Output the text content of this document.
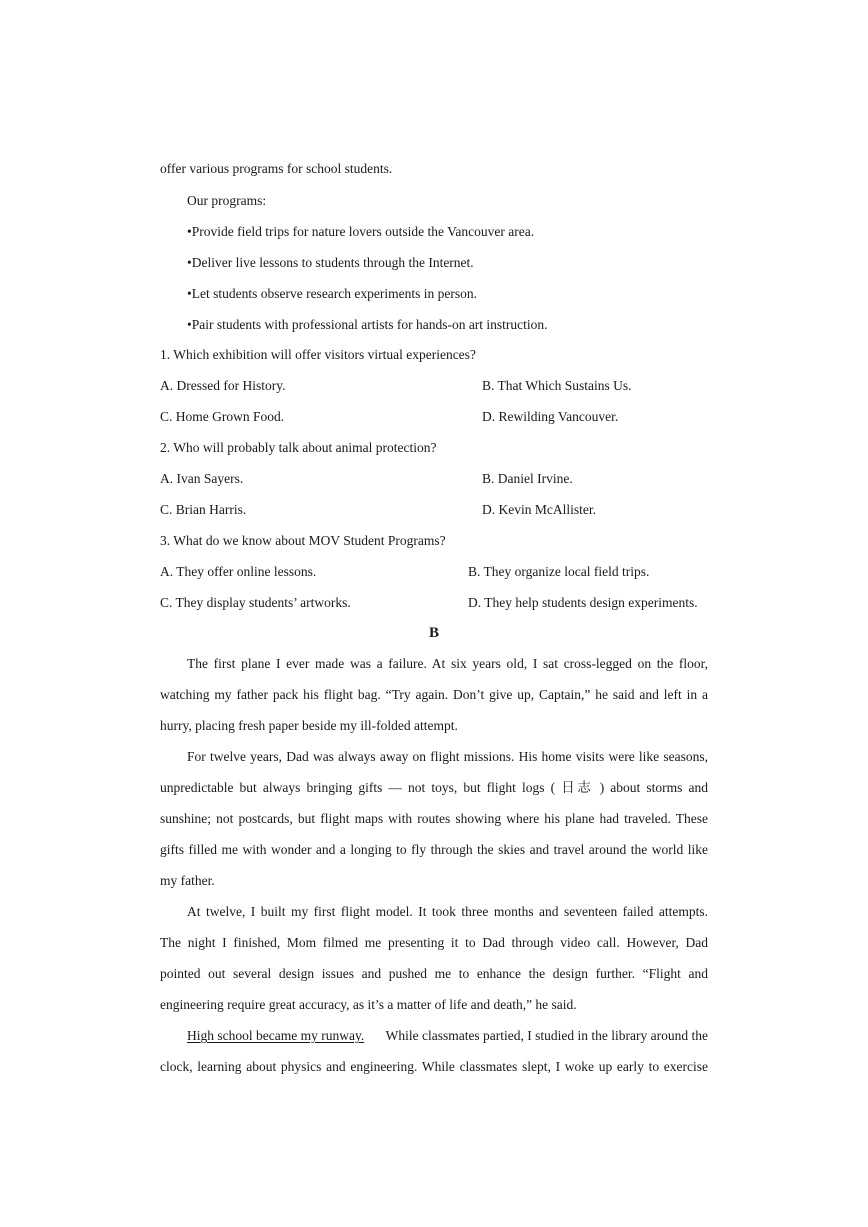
offer various programs for school students.
Our programs:
•Provide field trips for nature lovers outside the Vancouver area.
•Deliver live lessons to students through the Internet.
•Let students observe research experiments in person.
•Pair students with professional artists for hands-on art instruction.
1. Which exhibition will offer visitors virtual experiences?
A. Dressed for History.	B. That Which Sustains Us.
C. Home Grown Food.	D. Rewilding Vancouver.
2. Who will probably talk about animal protection?
A. Ivan Sayers.	B. Daniel Irvine.
C. Brian Harris.	D. Kevin McAllister.
3. What do we know about MOV Student Programs?
A. They offer online lessons.	B. They organize local field trips.
C. They display students’ artworks.	D. They help students design experiments.
B
The first plane I ever made was a failure. At six years old, I sat cross-legged on the floor,
watching my father pack his flight bag. “Try again. Don’t give up, Captain,” he said and left in a
hurry, placing fresh paper beside my ill-folded attempt.
For twelve years, Dad was always away on flight missions. His home visits were like seasons,
unpredictable but always bringing gifts — not toys, but flight logs ( 日志 ) about storms and
sunshine; not postcards, but flight maps with routes showing where his plane had traveled. These
gifts filled me with wonder and a longing to fly through the skies and travel around the world like
my father.
At twelve, I built my first flight model. It took three months and seventeen failed attempts.
The night I finished, Mom filmed me presenting it to Dad through video call. However, Dad
pointed out several design issues and pushed me to enhance the design further. “Flight and
engineering require great accuracy, as it’s a matter of life and death,” he said.
High school became my runway. While classmates partied, I studied in the library around the
clock, learning about physics and engineering. While classmates slept, I woke up early to exercise
